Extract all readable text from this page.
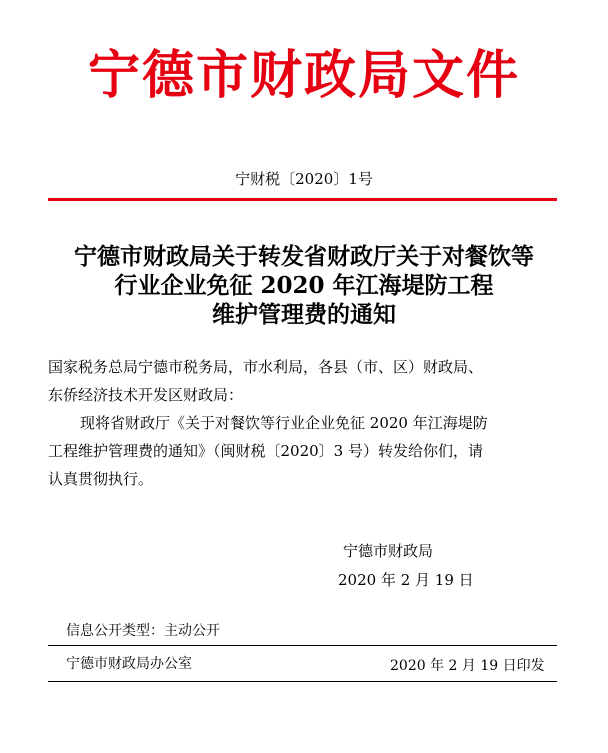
宁德市财政局文件
宁财税〔2020〕1号
宁德市财政局关于转发省财政厅关于对餐饮等
行业企业免征 2020 年江海堤防工程
维护管理费的通知
国家税务总局宁德市税务局，市水利局，各县（市、区）财政局、
东侨经济技术开发区财政局：
现将省财政厅《关于对餐饮等行业企业免征 2020 年江海堤防
工程维护管理费的通知》（闽财税〔2020〕3 号）转发给你们，请
认真贯彻执行。
宁德市财政局
2020 年 2 月 19 日
信息公开类型：主动公开
宁德市财政局办公室	2020 年 2 月 19 日印发
